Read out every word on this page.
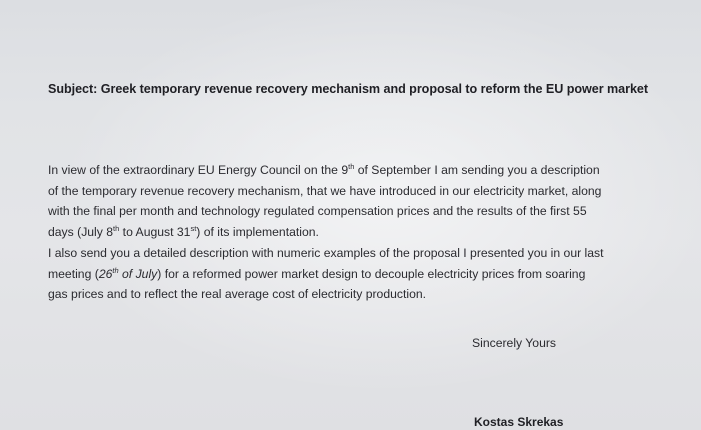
Subject: Greek temporary revenue recovery mechanism and proposal to reform the EU power market

In view of the extraordinary EU Energy Council on the 9th of September I am sending you a description
of the temporary revenue recovery mechanism, that we have introduced in our electricity market, along
with the final per month and technology regulated compensation prices and the results of the first 55
days (July 8th to August 31st) of its implementation.

I also send you a detailed description with numeric examples of the proposal I presented you in our last
meeting (26th of July) for a reformed power market design to decouple electricity prices from soaring
gas prices and to reflect the real average cost of electricity production.

Sincerely Yours
Kostas Skrekas
